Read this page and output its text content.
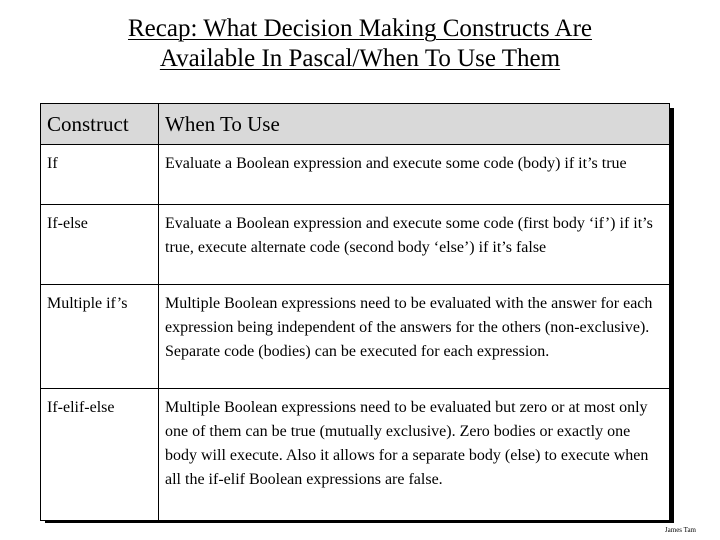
Recap: What Decision Making Constructs Are
Available In Pascal/When To Use Them
Construct	When To Use
If	Evaluate a Boolean expression and execute some code (body) if it’s true
If-else	Evaluate a Boolean expression and execute some code (first body ‘if’) if it’s true, execute alternate code (second body ‘else’) if it’s false
Multiple if’s	Multiple Boolean expressions need to be evaluated with the answer for each expression being independent of the answers for the others (non-exclusive). Separate code (bodies) can be executed for each expression.
If-elif-else	Multiple Boolean expressions need to be evaluated but zero or at most only one of them can be true (mutually exclusive). Zero bodies or exactly one body will execute. Also it allows for a separate body (else) to execute when all the if-elif Boolean expressions are false.
James Tam
